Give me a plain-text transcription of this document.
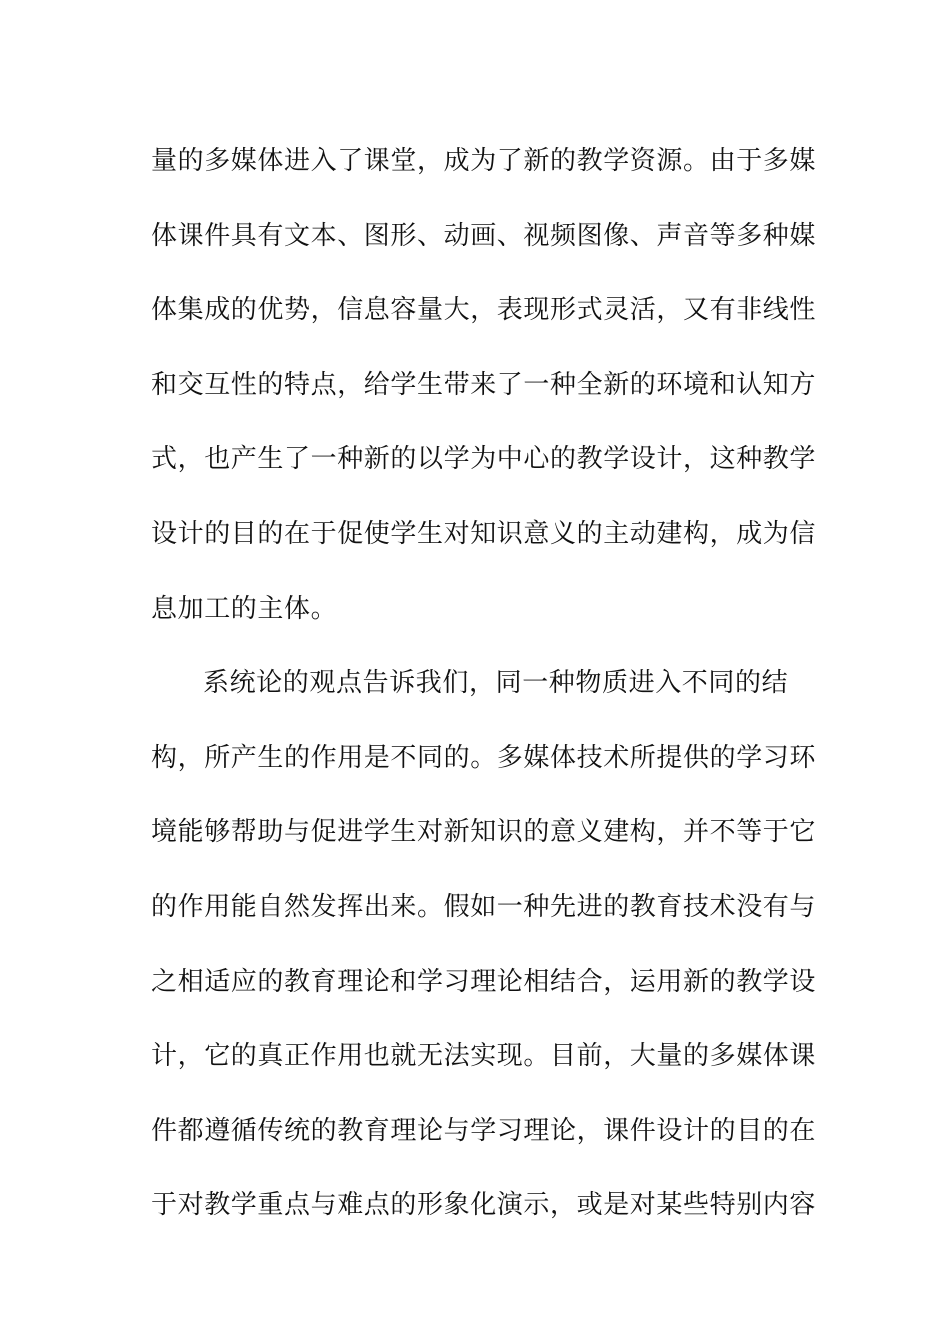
量的多媒体进入了课堂，成为了新的教学资源。由于多媒
体课件具有文本、图形、动画、视频图像、声音等多种媒
体集成的优势，信息容量大，表现形式灵活，又有非线性
和交互性的特点，给学生带来了一种全新的环境和认知方
式，也产生了一种新的以学为中心的教学设计，这种教学
设计的目的在于促使学生对知识意义的主动建构，成为信
息加工的主体。
系统论的观点告诉我们，同一种物质进入不同的结
构，所产生的作用是不同的。多媒体技术所提供的学习环
境能够帮助与促进学生对新知识的意义建构，并不等于它
的作用能自然发挥出来。假如一种先进的教育技术没有与
之相适应的教育理论和学习理论相结合，运用新的教学设
计，它的真正作用也就无法实现。目前，大量的多媒体课
件都遵循传统的教育理论与学习理论，课件设计的目的在
于对教学重点与难点的形象化演示，或是对某些特别内容
